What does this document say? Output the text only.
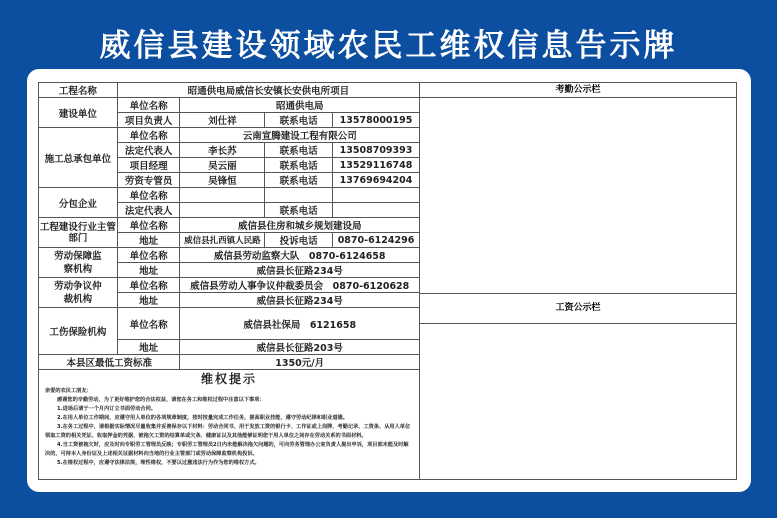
威信县建设领域农民工维权信息告示牌
工程名称	昭通供电局威信长安镇长安供电所项目			
建设单位	单位名称	昭通供电局		
	项目负责人	刘仕祥	联系电话	13578000195
施工总承包单位	单位名称	云南宣腾建设工程有限公司		
	法定代表人	李长苏	联系电话	13508709393
	项目经理	吴云丽	联系电话	13529116748
	劳资专管员	吴锋恒	联系电话	13769694204
分包企业	单位名称			
	法定代表人		联系电话	
工程建设行业主管部门	单位名称	威信县住房和城乡规划建设局		
	地址	威信县扎西镇人民路	投诉电话	0870-6124296
劳动保障监察机构	单位名称	威信县劳动监察大队　0870-6124658		
	地址	威信县长征路234号		
劳动争议仲裁机构	单位名称	威信县劳动人事争议仲裁委员会　0870-6120628		
	地址	威信县长征路234号		
工伤保险机构	单位名称	威信县社保局　6121658		
	地址	威信县长征路203号		
本县区最低工资标准		1350元/月		
维权提示

亲爱的农民工朋友：

感谢您的辛勤劳动，为了更好维护您的合法权益，请您在务工和维权过程中注意以下事项：

1.进场后请于一个月内订立书面劳动合同。

2.在用人单位工作期间，应遵守用人单位的各项规章制度，按时按量完成工作任务，提高职业技能，遵守劳动纪律和职业道德。

3.在务工过程中，请根据实际情况尽量收集并妥善保存以下材料：劳动合同书、用于发放工资的银行卡、工作证或上岗牌、考勤记录、工资条、从用人单位领取工资的相关凭证、收取押金的凭据、被拖欠工资的结算单或欠条、健康证以及其他能够证明您于用人单位之间存在劳动关系的书面材料。

4.当工资被拖欠时，应及时向专职劳工管理员反映；专职劳工管理员2日内未能解决拖欠问题的，可向劳务管理办公室负责人提出申诉，项目部未能及时解决的，可持本人身份证及上述相关证据材料向当地的行业主管部门或劳动保障监察机构投诉。

5.在维权过程中，应遵守法律法规，理性维权，不要以过激违法行为作为您的维权方式。

考勤公示栏
工资公示栏
